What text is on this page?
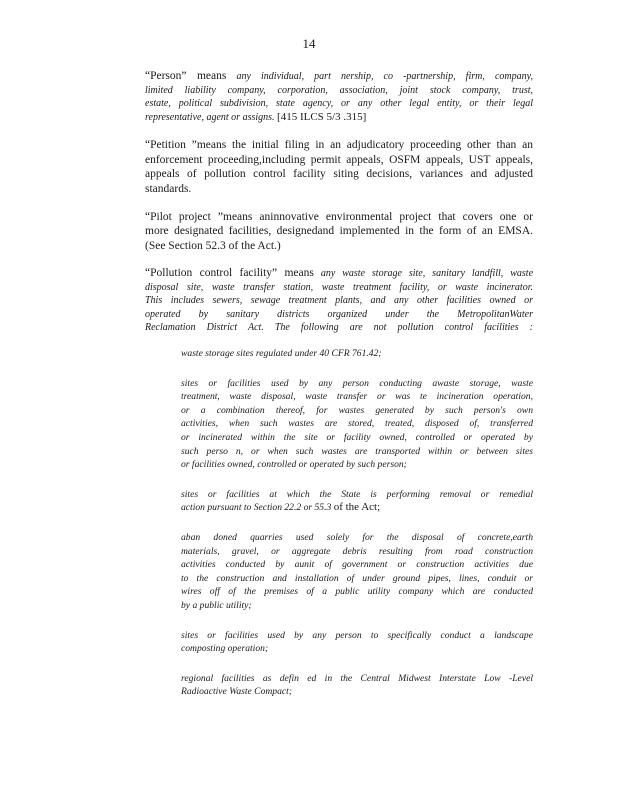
14
“Person” means any individual, part nership, co -partnership, firm, company,
limited liability company, corporation, association, joint stock company, trust,
estate, political subdivision, state agency, or any other legal entity, or their legal
representative, agent or assigns. [415 ILCS 5/3 .315]
“Petition ”means the initial filing in an adjudicatory proceeding other than an
enforcement proceeding,including permit appeals, OSFM appeals, UST appeals,
appeals of pollution control facility siting decisions, variances and adjusted
standards.
“Pilot project ”means aninnovative environmental project that covers one or
more designated facilities, designedand implemented in the form of an EMSA.
(See Section 52.3 of the Act.)
“Pollution control facility” means any waste storage site, sanitary landfill, waste
disposal site, waste transfer station, waste treatment facility, or waste incinerator.
This includes sewers, sewage treatment plants, and any other facilities owned or
operated by sanitary districts organized under the MetropolitanWater
Reclamation District Act. The following are not pollution control facilities :
waste storage sites regulated under 40 CFR 761.42;
sites or facilities used by any person conducting awaste storage, waste
treatment, waste disposal, waste transfer or was te incineration operation,
or a combination thereof, for wastes generated by such person's own
activities, when such wastes are stored, treated, disposed of, transferred
or incinerated within the site or facility owned, controlled or operated by
such perso n, or when such wastes are transported within or between sites
or facilities owned, controlled or operated by such person;
sites or facilities at which the State is performing removal or remedial
action pursuant to Section 22.2 or 55.3 of the Act;
aban doned quarries used solely for the disposal of concrete,earth
materials, gravel, or aggregate debris resulting from road construction
activities conducted by aunit of government or construction activities due
to the construction and installation of under ground pipes, lines, conduit or
wires off of the premises of a public utility company which are conducted
by a public utility;
sites or facilities used by any person to specifically conduct a landscape
composting operation;
regional facilities as defin ed in the Central Midwest Interstate Low -Level
Radioactive Waste Compact;
